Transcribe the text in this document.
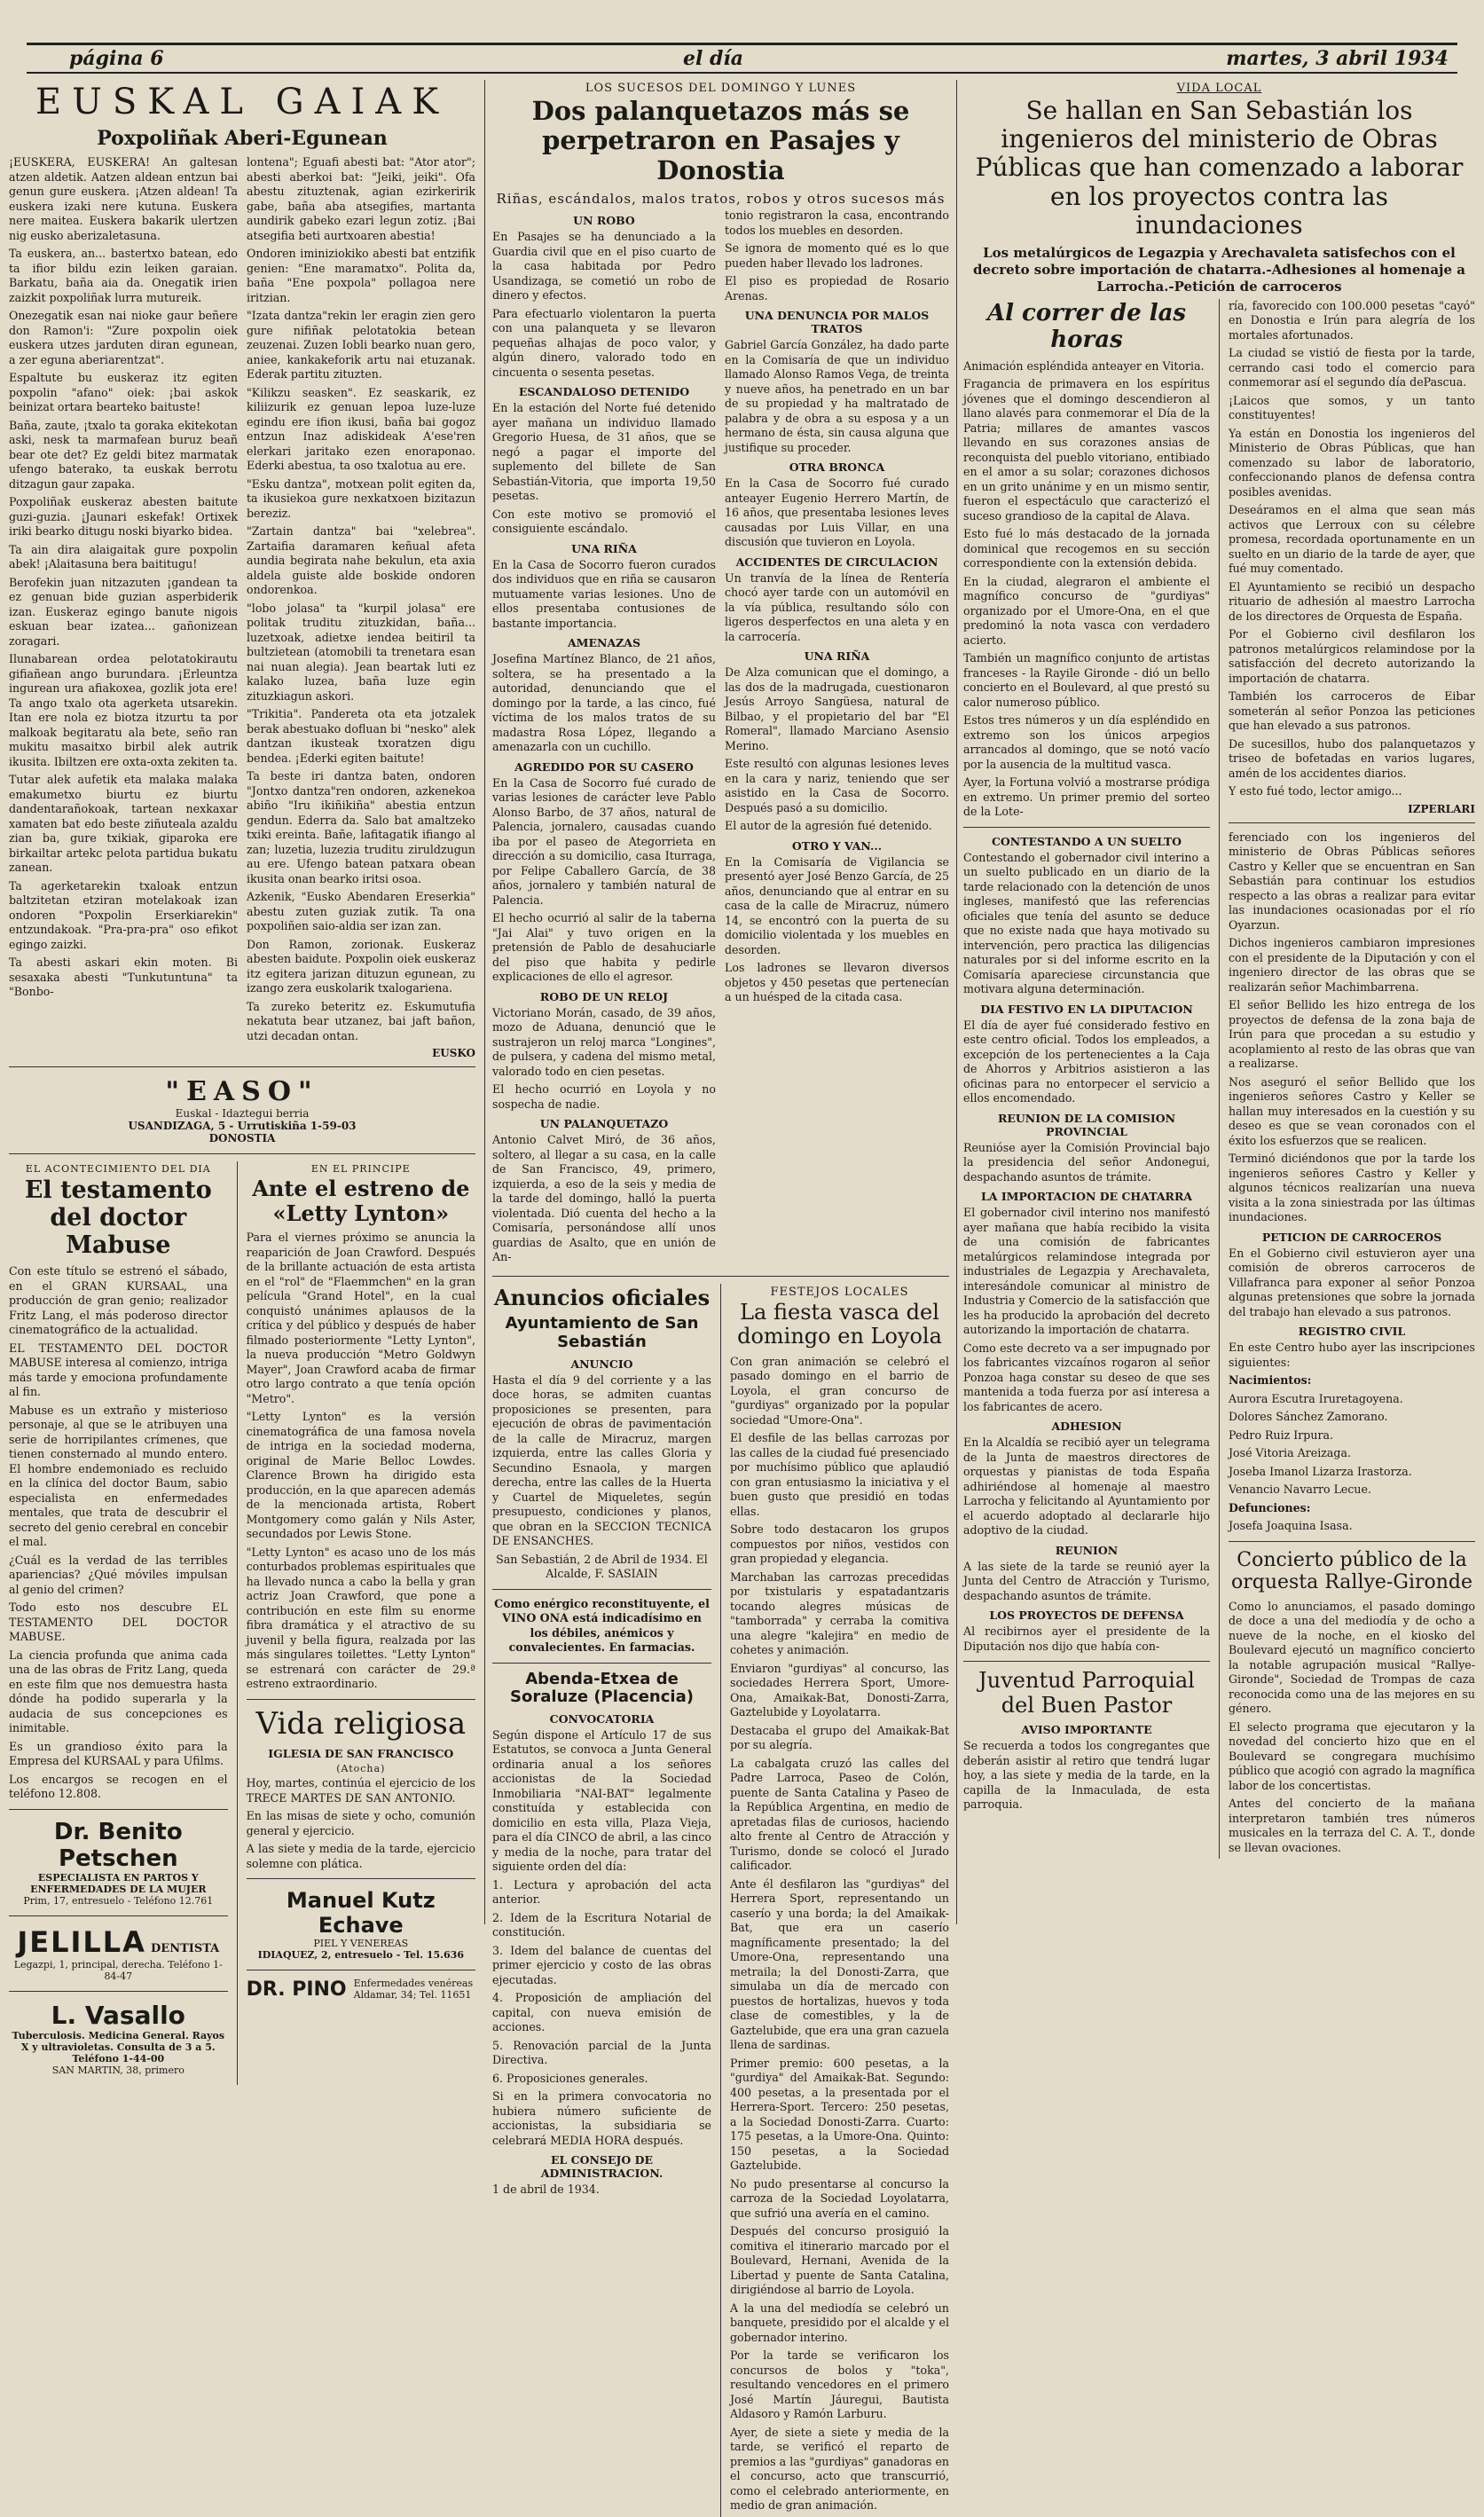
página 6	el día	martes, 3 abril 1934
EUSKAL GAIAK
Poxpoliñak Aberi-Egunean

¡EUSKERA, EUSKERA! An galtesan atzen aldetik. Aatzen aldean entzun bai genun gure euskera. ¡Atzen aldean! Ta euskera izaki nere kutuna. Euskera nere maitea. Euskera bakarik ulertzen nig eusko aberizaletasuna.

Ta euskera, an... bastertxo batean, edo ta ifior bildu ezin leiken garaian. Barkatu, baña aia da. Onegatik irien zaizkit poxpoliñak lurra mutureik.

Onezegatik esan nai nioke gaur beñere don Ramon'i: "Zure poxpolin oiek euskera utzes jarduten diran egunean, a zer eguna aberiarentzat".

Espaltute bu euskeraz itz egiten poxpolin "afano" oiek: ¡bai askok beinizat ortara bearteko baituste!

Baña, zaute, ¡txalo ta goraka ekitekotan aski, nesk ta marmafean buruz beañ bear ote det? Ez geldi bitez marmatak ufengo baterako, ta euskak berrotu ditzagun gaur zapaka.

Poxpoliñak euskeraz abesten baitute guzi-guzia. ¡Jaunari eskefak! Ortixek iriki bearko ditugu noski biyarko bidea.

Ta ain dira alaigaitak gure poxpolin abek! ¡Alaitasuna bera baititugu!

Berofekin juan nitzazuten ¡gandean ta ez genuan bide guzian asperbiderik izan. Euskeraz egingo banute nigois eskuan bear izatea... gañonizean zoragari.

Ilunabarean ordea pelotatokirautu gifiañean ango burundara. ¡Erleuntza ingurean ura afiakoxea, gozlik jota ere! Ta ango txalo ota agerketa utsarekin. Itan ere nola ez biotza itzurtu ta por malkoak begitaratu ala bete, seño ran mukitu masaitxo birbil alek autrik ikusita. Ibiltzen ere oxta-oxta zekiten ta.

Tutar alek aufetik eta malaka malaka emakumetxo biurtu ez biurtu dandentarañokoak, tartean nexkaxar xamaten bat edo beste ziñuteala azaldu zian ba, gure txikiak, giparoka ere birkailtar artekc pelota partidua bukatu zanean.

Ta agerketarekin txaloak entzun baltzitetan etziran motelakoak izan ondoren "Poxpolin Erserkiarekin" entzundakoak. "Pra-pra-pra" oso efikot egingo zaizki.

Ta abesti askari ekin moten. Bi sesaxaka abesti "Tunkutuntuna" ta "Bonbo-

lontena"; Eguafi abesti bat: "Ator ator"; abesti aberkoi bat: "Jeiki, jeiki". Ofa abestu zituztenak, agian ezirkeririk gabe, baña aba atsegifies, martanta aundirik gabeko ezari legun zotiz. ¡Bai atsegifia beti aurtxoaren abestia!

Ondoren iminiziokiko abesti bat entzifik genien: "Ene maramatxo". Polita da, baña "Ene poxpola" pollagoa nere iritzian.

"Izata dantza"rekin ler eragin zien gero gure nifiñak pelotatokia betean zeuzenai. Zuzen Iobli bearko nuan gero, aniee, kankakeforik artu nai etuzanak. Ederak partitu zituzten.

"Kilikzu seasken". Ez seaskarik, ez kiliizurik ez genuan lepoa luze-luze egindu ere ifion ikusi, baña bai gogoz entzun Inaz adiskideak A'ese'ren elerkari jaritako ezen enoraponao. Ederki abestua, ta oso txalotua au ere.

"Esku dantza", motxean polit egiten da, ta ikusiekoa gure nexkatxoen bizitazun bereziz.

"Zartain dantza" bai "xelebrea". Zartaifia daramaren keñual afeta aundia begirata nahe bekulun, eta axia aldela guiste alde boskide ondoren ondorenkoa.

"lobo jolasa" ta "kurpil jolasa" ere politak truditu zituzkidan, baña... luzetxoak, adietxe iendea beitiril ta bultzietean (atomobili ta trenetara esan nai nuan alegia). Jean beartak luti ez kalako luzea, baña luze egin zituzkiagun askori.

"Trikitia". Pandereta ota eta jotzalek berak abestuako dofluan bi "nesko" alek dantzan ikusteak txoratzen digu bendea. ¡Ederki egiten baitute!

Ta beste iri dantza baten, ondoren "Jontxo dantza"ren ondoren, azkenekoa abiño "Iru ikiñikiña" abestia entzun gendun. Ederra da. Salo bat amaltzeko txiki ereinta. Bañe, lafitagatik ifiango al zan; luzetia, luzezia truditu ziruldzugun au ere. Ufengo batean patxara obean ikusita onan bearko iritsi osoa.

Azkenik, "Eusko Abendaren Ereserkia" abestu zuten guziak zutik. Ta ona poxpoliñen saio-aldia ser izan zan.

Don Ramon, zorionak. Euskeraz abesten baidute. Poxpolin oiek euskeraz itz egitera jarizan dituzun egunean, zu izango zera euskolarik txalogariena.

Ta zureko beteritz ez. Eskumutufia nekatuta bear utzanez, bai jaft bañon, utzi decadan ontan.

EUSKO
"EASO"
Euskal - Idaztegui berria
USANDIZAGA, 5 - Urrutiskiña 1-59-03
DONOSTIA
EL ACONTECIMIENTO DEL DIA
El testamento del doctor Mabuse

Con este título se estrenó el sábado, en el GRAN KURSAAL, una producción de gran genio; realizador Fritz Lang, el más poderoso director cinematográfico de la actualidad.

EL TESTAMENTO DEL DOCTOR MABUSE interesa al comienzo, intriga más tarde y emociona profundamente al fin.

Mabuse es un extraño y misterioso personaje, al que se le atribuyen una serie de horripilantes crímenes, que tienen consternado al mundo entero. El hombre endemoniado es recluido en la clínica del doctor Baum, sabio especialista en enfermedades mentales, que trata de descubrir el secreto del genio cerebral en concebir el mal.

¿Cuál es la verdad de las terribles apariencias? ¿Qué móviles impulsan al genio del crimen?

Todo esto nos descubre EL TESTAMENTO DEL DOCTOR MABUSE.

La ciencia profunda que anima cada una de las obras de Fritz Lang, queda en este film que nos demuestra hasta dónde ha podido superarla y la audacia de sus concepciones es inimitable.

Es un grandioso éxito para la Empresa del KURSAAL y para Ufilms.

Los encargos se recogen en el teléfono 12.808.

Dr. Benito Petschen
ESPECIALISTA EN PARTOS Y ENFERMEDADES DE LA MUJER
Prim, 17, entresuelo - Teléfono 12.761
JELILLA DENTISTA
Legazpi, 1, principal, derecha. Teléfono 1-84-47
L. Vasallo
Tuberculosis. Medicina General. Rayos X y ultravioletas. Consulta de 3 a 5. Teléfono 1-44-00
SAN MARTIN, 38, primero
EN EL PRINCIPE
Ante el estreno de «Letty Lynton»

Para el viernes próximo se anuncia la reaparición de Joan Crawford. Después de la brillante actuación de esta artista en el "rol" de "Flaemmchen" en la gran película "Grand Hotel", en la cual conquistó unánimes aplausos de la crítica y del público y después de haber filmado posteriormente "Letty Lynton", la nueva producción "Metro Goldwyn Mayer", Joan Crawford acaba de firmar otro largo contrato a que tenía opción "Metro".

"Letty Lynton" es la versión cinematográfica de una famosa novela de intriga en la sociedad moderna, original de Marie Belloc Lowdes. Clarence Brown ha dirigido esta producción, en la que aparecen además de la mencionada artista, Robert Montgomery como galán y Nils Aster, secundados por Lewis Stone.

"Letty Lynton" es acaso uno de los más conturbados problemas espirituales que ha llevado nunca a cabo la bella y gran actriz Joan Crawford, que pone a contribución en este film su enorme fibra dramática y el atractivo de su juvenil y bella figura, realzada por las más singulares toilettes. "Letty Lynton" se estrenará con carácter de 29.ª estreno extraordinario.

Vida religiosa
IGLESIA DE SAN FRANCISCO
(Atocha)

Hoy, martes, continúa el ejercicio de los TRECE MARTES DE SAN ANTONIO.

En las misas de siete y ocho, comunión general y ejercicio.

A las siete y media de la tarde, ejercicio solemne con plática.

Manuel Kutz Echave
PIEL Y VENEREAS
IDIAQUEZ, 2, entresuelo - Tel. 15.636
DR. PINO Enfermedades venéreas
Aldamar, 34; Tel. 11651
LOS SUCESOS DEL DOMINGO Y LUNES
Dos palanquetazos más se perpetraron en Pasajes y Donostia
Riñas, escándalos, malos tratos, robos y otros sucesos más
UN ROBO

En Pasajes se ha denunciado a la Guardia civil que en el piso cuarto de la casa habitada por Pedro Usandizaga, se cometió un robo de dinero y efectos.

Para efectuarlo violentaron la puerta con una palanqueta y se llevaron pequeñas alhajas de poco valor, y algún dinero, valorado todo en cincuenta o sesenta pesetas.

ESCANDALOSO DETENIDO

En la estación del Norte fué detenido ayer mañana un individuo llamado Gregorio Huesa, de 31 años, que se negó a pagar el importe del suplemento del billete de San Sebastián-Vitoria, que importa 19,50 pesetas.

Con este motivo se promovió el consiguiente escándalo.

UNA RIÑA

En la Casa de Socorro fueron curados dos individuos que en riña se causaron mutuamente varias lesiones. Uno de ellos presentaba contusiones de bastante importancia.

AMENAZAS

Josefina Martínez Blanco, de 21 años, soltera, se ha presentado a la autoridad, denunciando que el domingo por la tarde, a las cinco, fué víctima de los malos tratos de su madastra Rosa López, llegando a amenazarla con un cuchillo.

AGREDIDO POR SU CASERO

En la Casa de Socorro fué curado de varias lesiones de carácter leve Pablo Alonso Barbo, de 37 años, natural de Palencia, jornalero, causadas cuando iba por el paseo de Ategorrieta en dirección a su domicilio, casa Iturraga, por Felipe Caballero García, de 38 años, jornalero y también natural de Palencia.

El hecho ocurrió al salir de la taberna "Jai Alai" y tuvo origen en la pretensión de Pablo de desahuciarle del piso que habita y pedirle explicaciones de ello el agresor.

ROBO DE UN RELOJ

Victoriano Morán, casado, de 39 años, mozo de Aduana, denunció que le sustrajeron un reloj marca "Longines", de pulsera, y cadena del mismo metal, valorado todo en cien pesetas.

El hecho ocurrió en Loyola y no sospecha de nadie.

UN PALANQUETAZO

Antonio Calvet Miró, de 36 años, soltero, al llegar a su casa, en la calle de San Francisco, 49, primero, izquierda, a eso de la seis y media de la tarde del domingo, halló la puerta violentada. Dió cuenta del hecho a la Comisaría, personándose allí unos guardias de Asalto, que en unión de An-

tonio registraron la casa, encontrando todos los muebles en desorden.

Se ignora de momento qué es lo que pueden haber llevado los ladrones.

El piso es propiedad de Rosario Arenas.

UNA DENUNCIA POR MALOS TRATOS

Gabriel García González, ha dado parte en la Comisaría de que un individuo llamado Alonso Ramos Vega, de treinta y nueve años, ha penetrado en un bar de su propiedad y ha maltratado de palabra y de obra a su esposa y a un hermano de ésta, sin causa alguna que justifique su proceder.

OTRA BRONCA

En la Casa de Socorro fué curado anteayer Eugenio Herrero Martín, de 16 años, que presentaba lesiones leves causadas por Luis Villar, en una discusión que tuvieron en Loyola.

ACCIDENTES DE CIRCULACION

Un tranvía de la línea de Rentería chocó ayer tarde con un automóvil en la vía pública, resultando sólo con ligeros desperfectos en una aleta y en la carrocería.

UNA RIÑA

De Alza comunican que el domingo, a las dos de la madrugada, cuestionaron Jesús Arroyo Sangüesa, natural de Bilbao, y el propietario del bar "El Romeral", llamado Marciano Asensio Merino.

Este resultó con algunas lesiones leves en la cara y nariz, teniendo que ser asistido en la Casa de Socorro. Después pasó a su domicilio.

El autor de la agresión fué detenido.

OTRO Y VAN...

En la Comisaría de Vigilancia se presentó ayer José Benzo García, de 25 años, denunciando que al entrar en su casa de la calle de Miracruz, número 14, se encontró con la puerta de su domicilio violentada y los muebles en desorden.

Los ladrones se llevaron diversos objetos y 450 pesetas que pertenecían a un huésped de la citada casa.

Anuncios oficiales
Ayuntamiento de San Sebastián
ANUNCIO

Hasta el día 9 del corriente y a las doce horas, se admiten cuantas proposiciones se presenten, para ejecución de obras de pavimentación de la calle de Miracruz, margen izquierda, entre las calles Gloria y Secundino Esnaola, y margen derecha, entre las calles de la Huerta y Cuartel de Miqueletes, según presupuesto, condiciones y planos, que obran en la SECCION TECNICA DE ENSANCHES.

San Sebastián, 2 de Abril de 1934. El Alcalde, F. SASIAIN

Como enérgico reconstituyente, el VINO ONA está indicadísimo en los débiles, anémicos y convalecientes. En farmacias.

Abenda-Etxea de Soraluze (Placencia)
CONVOCATORIA

Según dispone el Artículo 17 de sus Estatutos, se convoca a Junta General ordinaria anual a los señores accionistas de la Sociedad Inmobiliaria "NAI-BAT" legalmente constituída y establecida con domicilio en esta villa, Plaza Vieja, para el día CINCO de abril, a las cinco y media de la noche, para tratar del siguiente orden del día:

1. Lectura y aprobación del acta anterior.
2. Idem de la Escritura Notarial de constitución.
3. Idem del balance de cuentas del primer ejercicio y costo de las obras ejecutadas.
4. Proposición de ampliación del capital, con nueva emisión de acciones.
5. Renovación parcial de la Junta Directiva.
6. Proposiciones generales.

Si en la primera convocatoria no hubiera número suficiente de accionistas, la subsidiaria se celebrará MEDIA HORA después.

EL CONSEJO DE ADMINISTRACION.
1 de abril de 1934.
FESTEJOS LOCALES
La fiesta vasca del domingo en Loyola

Con gran animación se celebró el pasado domingo en el barrio de Loyola, el gran concurso de "gurdiyas" organizado por la popular sociedad "Umore-Ona".

El desfile de las bellas carrozas por las calles de la ciudad fué presenciado por muchísimo público que aplaudió con gran entusiasmo la iniciativa y el buen gusto que presidió en todas ellas.

Sobre todo destacaron los grupos compuestos por niños, vestidos con gran propiedad y elegancia.

Marchaban las carrozas precedidas por txistularis y espatadantzaris tocando alegres músicas de "tamborrada" y cerraba la comitiva una alegre "kalejira" en medio de cohetes y animación.

Enviaron "gurdiyas" al concurso, las sociedades Herrera Sport, Umore-Ona, Amaikak-Bat, Donosti-Zarra, Gaztelubide y Loyolatarra.

Destacaba el grupo del Amaikak-Bat por su alegría.

La cabalgata cruzó las calles del Padre Larroca, Paseo de Colón, puente de Santa Catalina y Paseo de la República Argentina, en medio de apretadas filas de curiosos, haciendo alto frente al Centro de Atracción y Turismo, donde se colocó el Jurado calificador.

Ante él desfilaron las "gurdiyas" del Herrera Sport, representando un caserío y una borda; la del Amaikak-Bat, que era un caserío magníficamente presentado; la del Umore-Ona, representando una metraila; la del Donosti-Zarra, que simulaba un día de mercado con puestos de hortalizas, huevos y toda clase de comestibles, y la de Gaztelubide, que era una gran cazuela llena de sardinas.

Primer premio: 600 pesetas, a la "gurdiya" del Amaikak-Bat. Segundo: 400 pesetas, a la presentada por el Herrera-Sport. Tercero: 250 pesetas, a la Sociedad Donosti-Zarra. Cuarto: 175 pesetas, a la Umore-Ona. Quinto: 150 pesetas, a la Sociedad Gaztelubide.

No pudo presentarse al concurso la carroza de la Sociedad Loyolatarra, que sufrió una avería en el camino.

Después del concurso prosiguió la comitiva el itinerario marcado por el Boulevard, Hernani, Avenida de la Libertad y puente de Santa Catalina, dirigiéndose al barrio de Loyola.

A la una del mediodía se celebró un banquete, presidido por el alcalde y el gobernador interino.

Por la tarde se verificaron los concursos de bolos y "toka", resultando vencedores en el primero José Martín Jáuregui, Bautista Aldasoro y Ramón Larburu.

Ayer, de siete a siete y media de la tarde, se verificó el reparto de premios a las "gurdiyas" ganadoras en el concurso, acto que transcurrió, como el celebrado anteriormente, en medio de gran animación.

VIDA LOCAL
Se hallan en San Sebastián los ingenieros del ministerio de Obras Públicas que han comenzado a laborar en los proyectos contra las inundaciones
Los metalúrgicos de Legazpia y Arechavaleta satisfechos con el decreto sobre importación de chatarra.-Adhesiones al homenaje a Larrocha.-Petición de carroceros
Al correr de las horas

Animación espléndida anteayer en Vitoria.

Fragancia de primavera en los espíritus jóvenes que el domingo descendieron al llano alavés para conmemorar el Día de la Patria; millares de amantes vascos llevando en sus corazones ansias de reconquista del pueblo vitoriano, entibiado en el amor a su solar; corazones dichosos en un grito unánime y en un mismo sentir, fueron el espectáculo que caracterizó el suceso grandioso de la capital de Alava.

Esto fué lo más destacado de la jornada dominical que recogemos en su sección correspondiente con la extensión debida.

En la ciudad, alegraron el ambiente el magnífico concurso de "gurdiyas" organizado por el Umore-Ona, en el que predominó la nota vasca con verdadero acierto.

También un magnífico conjunto de artistas franceses - la Rayile Gironde - dió un bello concierto en el Boulevard, al que prestó su calor numeroso público.

Estos tres números y un día espléndido en extremo son los únicos arpegios arrancados al domingo, que se notó vacío por la ausencia de la multitud vasca.

Ayer, la Fortuna volvió a mostrarse pródiga en extremo. Un primer premio del sorteo de la Lote-

CONTESTANDO A UN SUELTO

Contestando el gobernador civil interino a un suelto publicado en un diario de la tarde relacionado con la detención de unos ingleses, manifestó que las referencias oficiales que tenía del asunto se deduce que no existe nada que haya motivado su intervención, pero practica las diligencias naturales por si del informe escrito en la Comisaría apareciese circunstancia que motivara alguna determinación.

DIA FESTIVO EN LA DIPUTACION

El día de ayer fué considerado festivo en este centro oficial. Todos los empleados, a excepción de los pertenecientes a la Caja de Ahorros y Arbitrios asistieron a las oficinas para no entorpecer el servicio a ellos encomendado.

REUNION DE LA COMISION PROVINCIAL

Reunióse ayer la Comisión Provincial bajo la presidencia del señor Andonegui, despachando asuntos de trámite.

LA IMPORTACION DE CHATARRA

El gobernador civil interino nos manifestó ayer mañana que había recibido la visita de una comisión de fabricantes metalúrgicos relamindose integrada por industriales de Legazpia y Arechavaleta, interesándole comunicar al ministro de Industria y Comercio de la satisfacción que les ha producido la aprobación del decreto autorizando la importación de chatarra.

Como este decreto va a ser impugnado por los fabricantes vizcaínos rogaron al señor Ponzoa haga constar su deseo de que ses mantenida a toda fuerza por así interesa a los fabricantes de acero.

ADHESION

En la Alcaldía se recibió ayer un telegrama de la Junta de maestros directores de orquestas y pianistas de toda España adhiriéndose al homenaje al maestro Larrocha y felicitando al Ayuntamiento por el acuerdo adoptado al declararle hijo adoptivo de la ciudad.

REUNION

A las siete de la tarde se reunió ayer la Junta del Centro de Atracción y Turismo, despachando asuntos de trámite.

LOS PROYECTOS DE DEFENSA

Al recibirnos ayer el presidente de la Diputación nos dijo que había con-

Juventud Parroquial del Buen Pastor
AVISO IMPORTANTE

Se recuerda a todos los congregantes que deberán asistir al retiro que tendrá lugar hoy, a las siete y media de la tarde, en la capilla de la Inmaculada, de esta parroquia.

ría, favorecido con 100.000 pesetas "cayó" en Donostia e Irún para alegría de los mortales afortunados.

La ciudad se vistió de fiesta por la tarde, cerrando casi todo el comercio para conmemorar así el segundo día dePascua.

¡Laicos que somos, y un tanto constituyentes!

Ya están en Donostia los ingenieros del Ministerio de Obras Públicas, que han comenzado su labor de laboratorio, confeccionando planos de defensa contra posibles avenidas.

Deseáramos en el alma que sean más activos que Lerroux con su célebre promesa, recordada oportunamente en un suelto en un diario de la tarde de ayer, que fué muy comentado.

El Ayuntamiento se recibió un despacho rituario de adhesión al maestro Larrocha de los directores de Orquesta de España.

Por el Gobierno civil desfilaron los patronos metalúrgicos relamindose por la satisfacción del decreto autorizando la importación de chatarra.

También los carroceros de Eibar someterán al señor Ponzoa las peticiones que han elevado a sus patronos.

De sucesillos, hubo dos palanquetazos y triseo de bofetadas en varios lugares, amén de los accidentes diarios.

Y esto fué todo, lector amigo...

IZPERLARI

ferenciado con los ingenieros del ministerio de Obras Públicas señores Castro y Keller que se encuentran en San Sebastián para continuar los estudios respecto a las obras a realizar para evitar las inundaciones ocasionadas por el río Oyarzun.

Dichos ingenieros cambiaron impresiones con el presidente de la Diputación y con el ingeniero director de las obras que se realizarán señor Machimbarrena.

El señor Bellido les hizo entrega de los proyectos de defensa de la zona baja de Irún para que procedan a su estudio y acoplamiento al resto de las obras que van a realizarse.

Nos aseguró el señor Bellido que los ingenieros señores Castro y Keller se hallan muy interesados en la cuestión y su deseo es que se vean coronados con el éxito los esfuerzos que se realicen.

Terminó diciéndonos que por la tarde los ingenieros señores Castro y Keller y algunos técnicos realizarían una nueva visita a la zona siniestrada por las últimas inundaciones.

PETICION DE CARROCEROS

En el Gobierno civil estuvieron ayer una comisión de obreros carroceros de Villafranca para exponer al señor Ponzoa algunas pretensiones que sobre la jornada del trabajo han elevado a sus patronos.

REGISTRO CIVIL

En este Centro hubo ayer las inscripciones siguientes:

Nacimientos:
Aurora Escutra Iruretagoyena.
Dolores Sánchez Zamorano.
Pedro Ruiz Irpura.
José Vitoria Areizaga.
Joseba Imanol Lizarza Irastorza.
Venancio Navarro Lecue.
Defunciones:
Josefa Joaquina Isasa.
Concierto público de la orquesta Rallye-Gironde

Como lo anunciamos, el pasado domingo de doce a una del mediodía y de ocho a nueve de la noche, en el kiosko del Boulevard ejecutó un magnífico concierto la notable agrupación musical "Rallye-Gironde", Sociedad de Trompas de caza reconocida como una de las mejores en su género.

El selecto programa que ejecutaron y la novedad del concierto hizo que en el Boulevard se congregara muchísimo público que acogió con agrado la magnífica labor de los concertistas.

Antes del concierto de la mañana interpretaron también tres números musicales en la terraza del C. A. T., donde se llevan ovaciones.
